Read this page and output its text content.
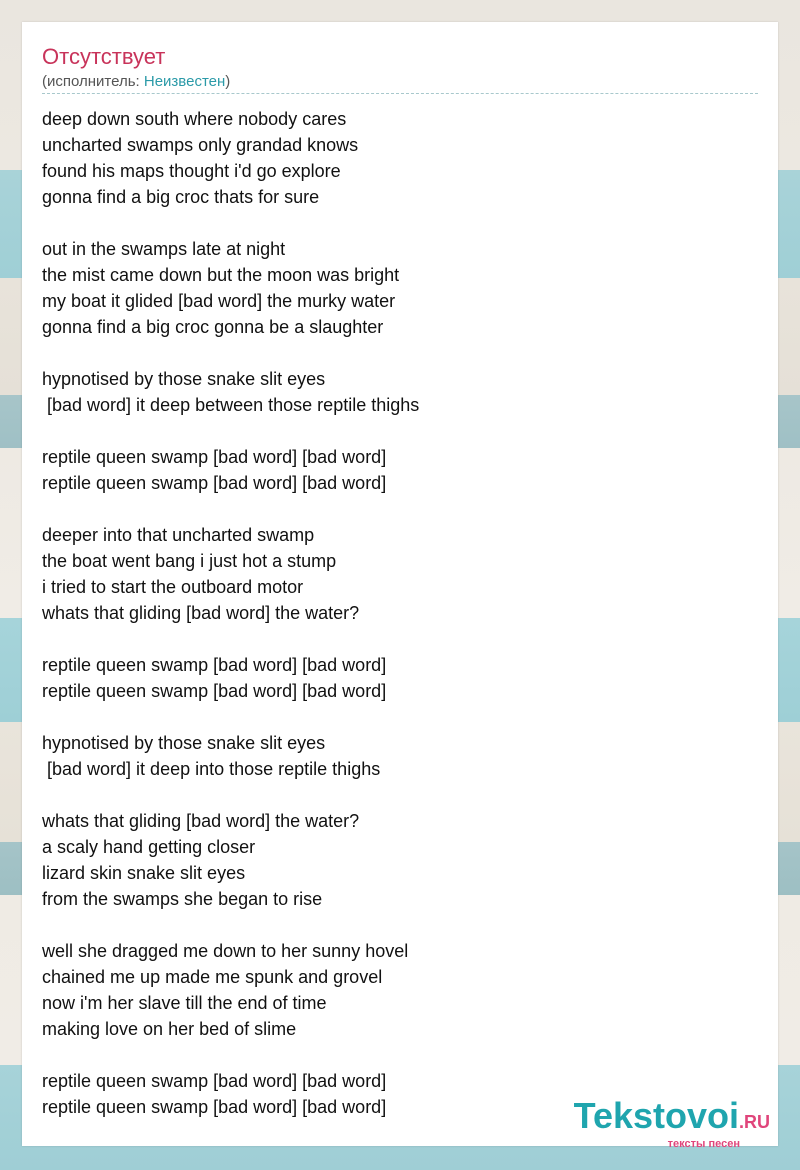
Отсутствует
(исполнитель: Неизвестен)
deep down south where nobody cares
uncharted swamps only grandad knows
found his maps thought i'd go explore
gonna find a big croc thats for sure
out in the swamps late at night
the mist came down but the moon was bright
my boat it glided [bad word] the murky water
gonna find a big croc gonna be a slaughter
hypnotised by those snake slit eyes
[bad word] it deep between those reptile thighs
reptile queen swamp [bad word] [bad word]
reptile queen swamp [bad word] [bad word]
deeper into that uncharted swamp
the boat went bang i just hot a stump
i tried to start the outboard motor
whats that gliding [bad word] the water?
reptile queen swamp [bad word] [bad word]
reptile queen swamp [bad word] [bad word]
hypnotised by those snake slit eyes
[bad word] it deep into those reptile thighs
whats that gliding [bad word] the water?
a scaly hand getting closer
lizard skin snake slit eyes
from the swamps she began to rise
well she dragged me down to her sunny hovel
chained me up made me spunk and grovel
now i'm her slave till the end of time
making love on her bed of slime
reptile queen swamp [bad word] [bad word]
reptile queen swamp [bad word] [bad word]	Tekstovoi.RU
тексты песен
